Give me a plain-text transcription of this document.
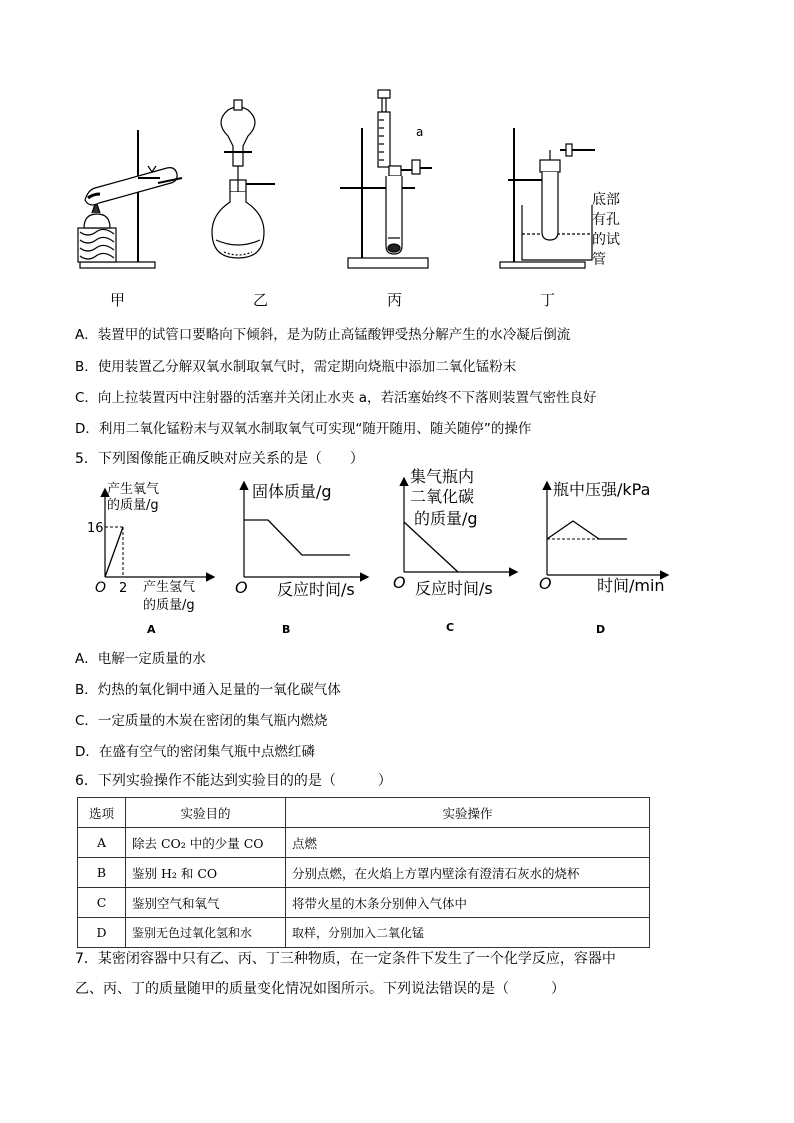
a
底部
有孔
的试
管
甲	乙	丙	丁
A．装置甲的试管口要略向下倾斜，是为防止高锰酸钾受热分解产生的水冷凝后倒流
B．使用装置乙分解双氧水制取氧气时，需定期向烧瓶中添加二氧化锰粉末
C．向上拉装置丙中注射器的活塞并关闭止水夹 a，若活塞始终不下落则装置气密性良好
D．利用二氧化锰粉末与双氧水制取氧气可实现“随开随用、随关随停”的操作
5．下列图像能正确反映对应关系的是（　　）
16
2
O
产生氧气
的质量/g
产生氢气
的质量/g
A
固体质量/g
O 反应时间/s
B
集气瓶内
二氧化碳
的质量/g
O 反应时间/s
C
瓶中压强/kPa
O	时间/min
D
A．电解一定质量的水
B．灼热的氧化铜中通入足量的一氧化碳气体
C．一定质量的木炭在密闭的集气瓶内燃烧
D．在盛有空气的密闭集气瓶中点燃红磷
6．下列实验操作不能达到实验目的的是（　　　）
选项	实验目的	实验操作
A	除去 CO₂ 中的少量 CO	点燃
B	鉴别 H₂ 和 CO	分别点燃，在火焰上方罩内壁涂有澄清石灰水的烧杯
C	鉴别空气和氧气	将带火星的木条分别伸入气体中
D	鉴别无色过氧化氢和水	取样，分别加入二氧化锰
7．某密闭容器中只有乙、丙、丁三种物质，在一定条件下发生了一个化学反应，容器中
乙、丙、丁的质量随甲的质量变化情况如图所示。下列说法错误的是（　　　）
